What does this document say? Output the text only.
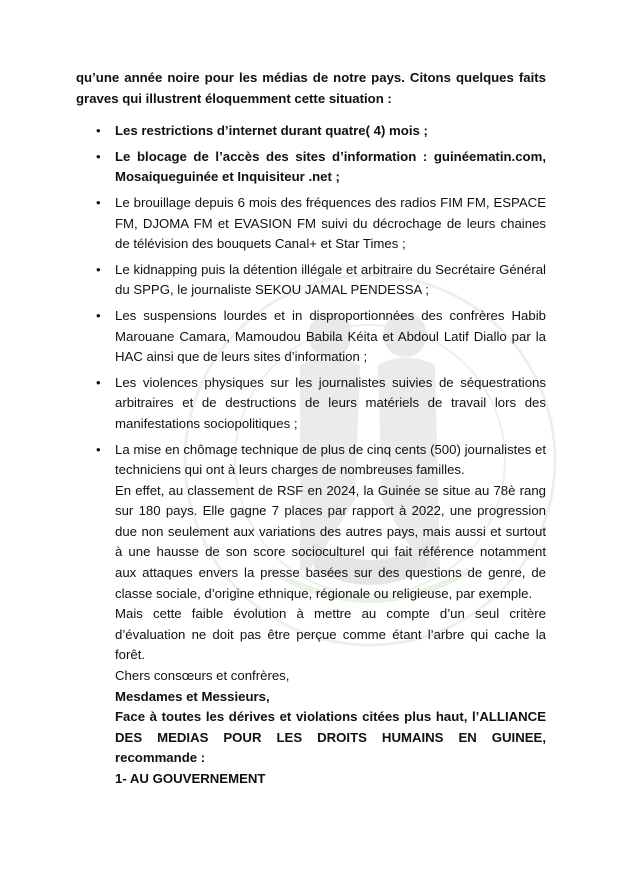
qu’une année noire pour les médias de notre pays. Citons quelques faits graves qui illustrent éloquemment cette situation :

• Les restrictions d’internet durant quatre( 4) mois ;
• Le blocage de l’accès des sites d’information : guinéematin.com, Mosaiqueguinée et Inquisiteur .net ;
• Le brouillage depuis 6 mois des fréquences des radios FIM FM, ESPACE FM, DJOMA FM et EVASION FM suivi du décrochage de leurs chaines de télévision des bouquets Canal+ et Star Times ;
• Le kidnapping puis la détention illégale et arbitraire du Secrétaire Général du SPPG, le journaliste SEKOU JAMAL PENDESSA ;
• Les suspensions lourdes et in disproportionnées des confrères Habib Marouane Camara, Mamoudou Babila Kéita et Abdoul Latif Diallo par la HAC ainsi que de leurs sites d’information ;
• Les violences physiques sur les journalistes suivies de séquestrations arbitraires et de destructions de leurs matériels de travail lors des manifestations sociopolitiques ;
• La mise en chômage technique de plus de cinq cents (500) journalistes et techniciens qui ont à leurs charges de nombreuses familles.

En effet, au classement de RSF en 2024, la Guinée se situe au 78è rang sur 180 pays. Elle gagne 7 places par rapport à 2022, une progression due non seulement aux variations des autres pays, mais aussi et surtout à une hausse de son score socioculturel qui fait référence notamment aux attaques envers la presse basées sur des questions de genre, de classe sociale, d’origine ethnique, régionale ou religieuse, par exemple.

Mais cette faible évolution à mettre au compte d’un seul critère d’évaluation ne doit pas être perçue comme étant l’arbre qui cache la forêt.

Chers consœurs et confrères,

Mesdames et Messieurs,

Face à toutes les dérives et violations citées plus haut, l’ALLIANCE DES MEDIAS POUR LES DROITS HUMAINS EN GUINEE, recommande :

1- AU GOUVERNEMENT
